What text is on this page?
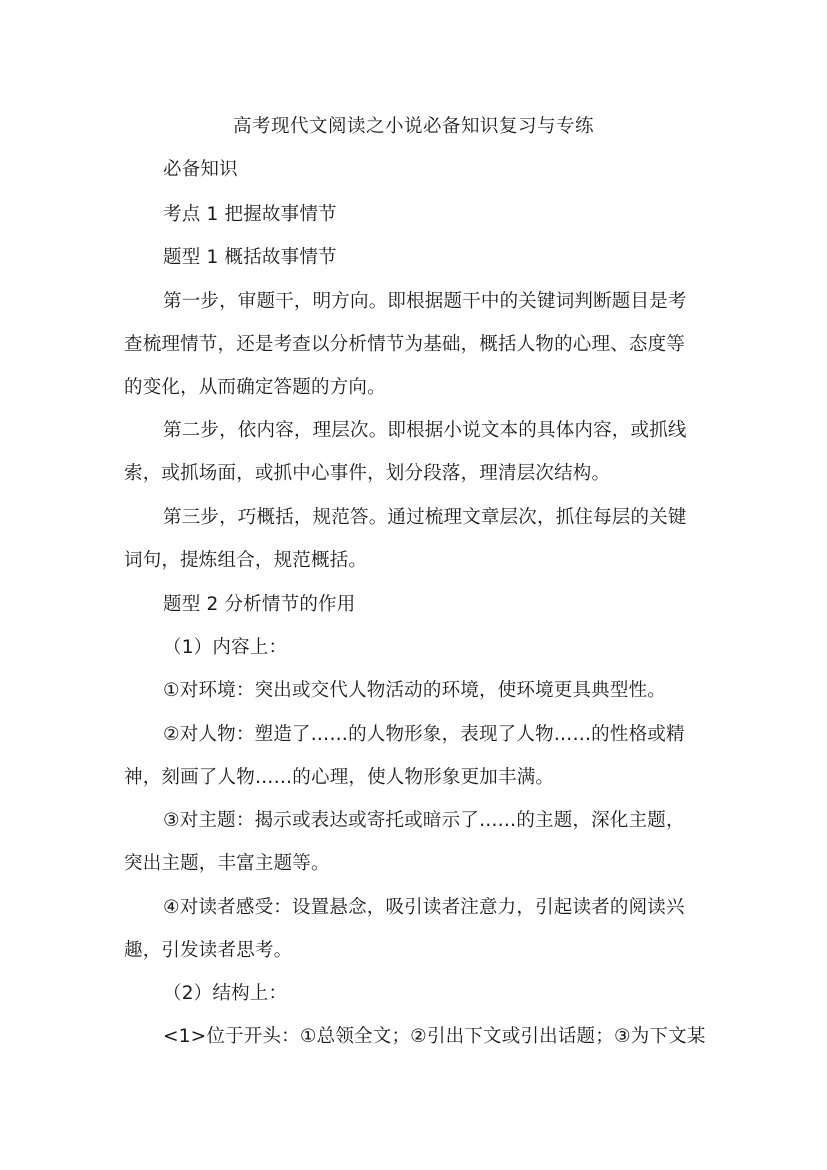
高考现代文阅读之小说必备知识复习与专练
必备知识
考点 1 把握故事情节
题型 1 概括故事情节
第一步，审题干，明方向。即根据题干中的关键词判断题目是考
查梳理情节，还是考查以分析情节为基础，概括人物的心理、态度等
的变化，从而确定答题的方向。
第二步，依内容，理层次。即根据小说文本的具体内容，或抓线
索，或抓场面，或抓中心事件，划分段落，理清层次结构。
第三步，巧概括，规范答。通过梳理文章层次，抓住每层的关键
词句，提炼组合，规范概括。
题型 2 分析情节的作用
（1）内容上：
①对环境：突出或交代人物活动的环境，使环境更具典型性。
②对人物：塑造了……的人物形象，表现了人物……的性格或精
神，刻画了人物……的心理，使人物形象更加丰满。
③对主题：揭示或表达或寄托或暗示了……的主题，深化主题，
突出主题，丰富主题等。
④对读者感受：设置悬念，吸引读者注意力，引起读者的阅读兴
趣，引发读者思考。
（2）结构上：
<1>位于开头：①总领全文；②引出下文或引出话题；③为下文某
